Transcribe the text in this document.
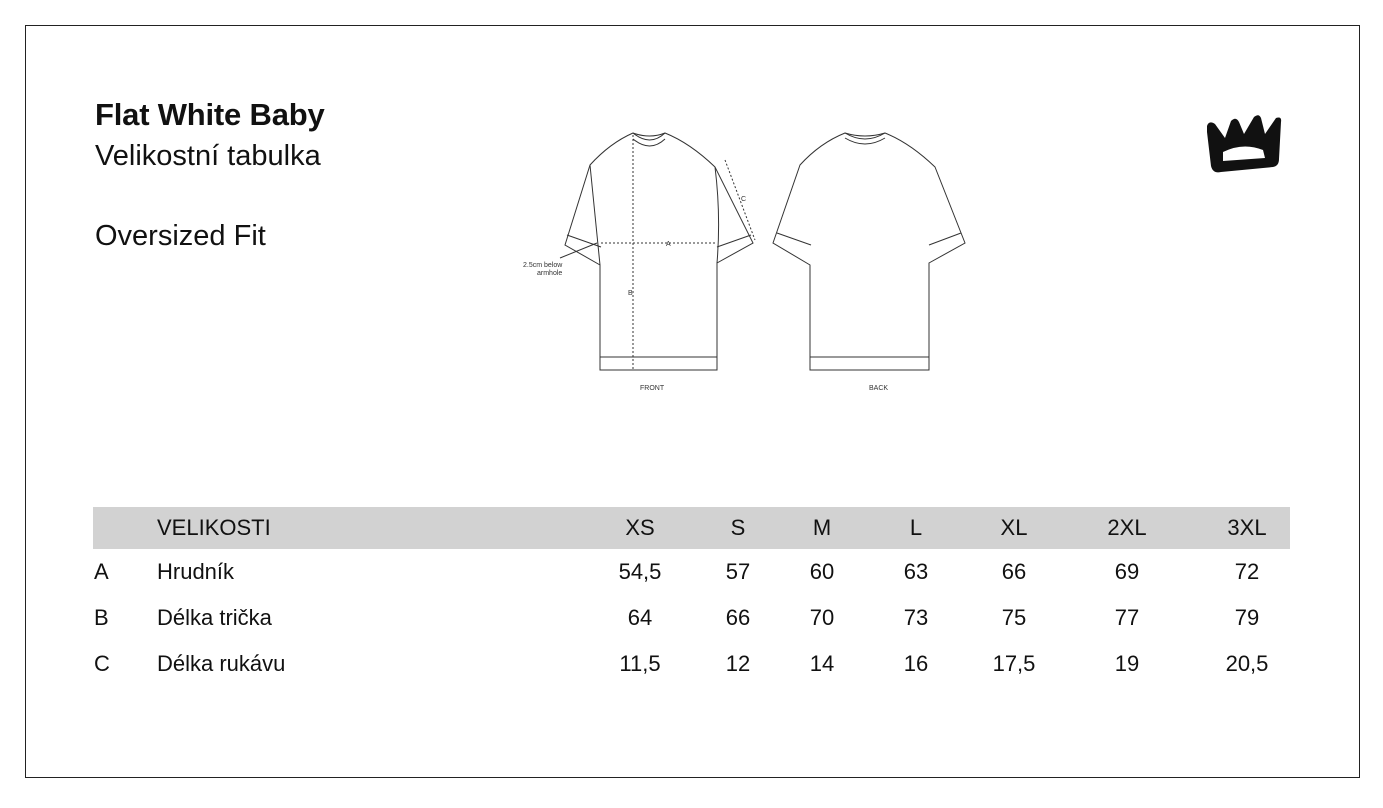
Flat White Baby
Velikostní tabulka
Oversized Fit	A
B
C
2.5cm below
armhole
FRONT	BACK
VELIKOSTI	XS	S	M	L	XL	2XL	3XL
A Hrudník	54,5	57	60	63	66	69	72
B Délka trička	64	66	70	73	75	77	79
C Délka rukávu	11,5	12	14	16	17,5	19	20,5
